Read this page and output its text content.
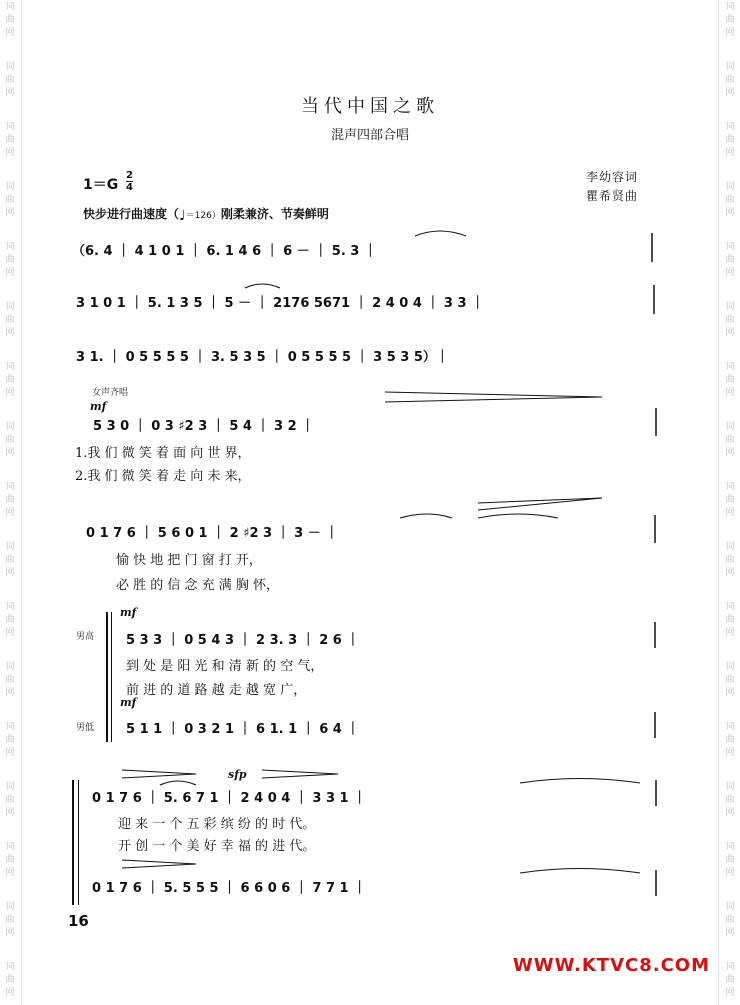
词
曲
网
词
曲
网
词
曲
网
词
曲
网
词
曲
网
词
曲
网
词
曲
网
词
曲
网
词
曲
网
词
曲
网
词
曲
网
词
曲
网
词
曲
网
词
曲
网
词
曲
网
词
曲
网
词
曲
网
词
曲
网
词
曲
网
词
曲
网
词
曲
网
词
曲
网
词
曲
网
词
曲
网
词
曲
网
词
曲
网
词
曲
网
词
曲
网
词
曲
网
词
曲
网
词
曲
网
词
曲
网
词
曲
网
词
曲
网
当代中国之歌
混声四部合唱
李幼容词
瞿希贤曲
1＝G
2
4
快步进行曲速度（♩＝126）刚柔兼济、节奏鲜明
（6. 4 ｜ 4 1 0 1 ｜ 6. 1 4 6 ｜ 6 － ｜ 5. 3 ｜
3 1 0 1 ｜ 5. 1 3 5 ｜ 5 － ｜ 2176 5671 ｜ 2 4 0 4 ｜ 3 3 ｜
3 1. ｜ 0 5 5 5 5 ｜ 3. 5 3 5 ｜ 0 5 5 5 5 ｜ 3 5 3 5）｜
女声齐唱
mf
5 3 0 ｜ 0 3 ♯2 3 ｜ 5 4 ｜ 3 2 ｜
1.我 们 微 笑 着 面 向 世 界，
2.我 们 微 笑 着 走 向 未 来，
0 1 7 6 ｜ 5 6 0 1 ｜ 2 ♯2 3 ｜ 3 － ｜
愉 快 地 把 门 窗 打 开，
必 胜 的 信 念 充 满 胸 怀，
男高
男低
mf
mf
5 3 3 ｜ 0 5 4 3 ｜ 2 3. 3 ｜ 2 6 ｜
到 处 是 阳 光 和 清 新 的 空 气，
前 进 的 道 路 越 走 越 宽 广，
5 1 1 ｜ 0 3 2 1 ｜ 6 1. 1 ｜ 6 4 ｜
sfp
0 1 7 6 ｜ 5. 6 7 1 ｜ 2 4 0 4 ｜ 3 3 1 ｜
迎 来 一 个 五 彩 缤 纷 的 时 代。
开 创 一 个 美 好 幸 福 的 进 代。
0 1 7 6 ｜ 5. 5 5 5 ｜ 6 6 0 6 ｜ 7 7 1 ｜
16
WWW.KTVC8.COM
